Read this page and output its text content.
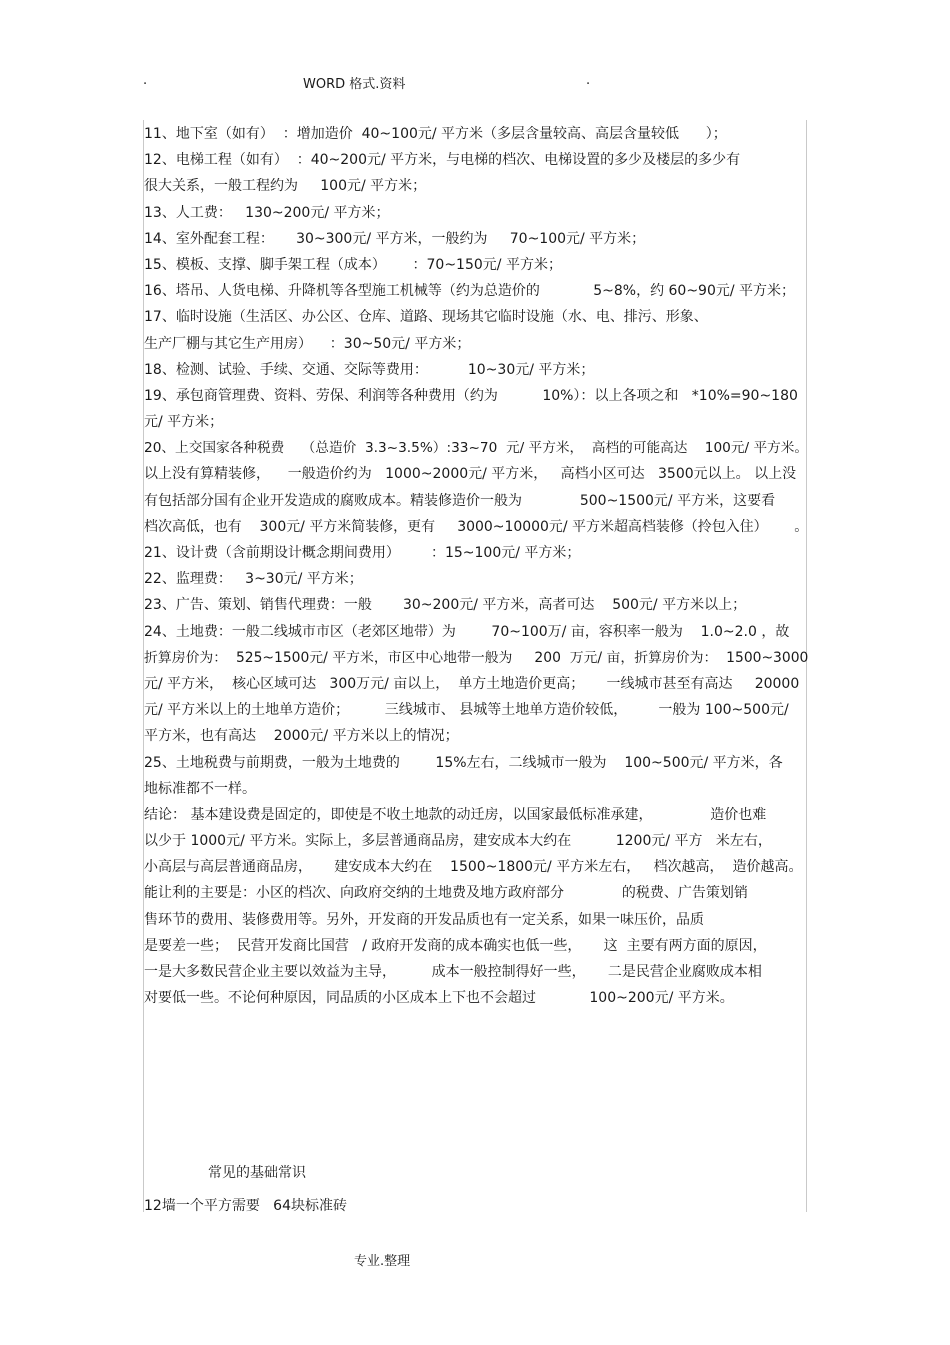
.	WORD 格式.资料	.
11、地下室（如有）  ：增加造价  40~100元/ 平方米（多层含量较高、高层含量较低      ）；
12、电梯工程（如有）  ：40~200元/ 平方米，与电梯的档次、电梯设置的多少及楼层的多少有
很大关系，一般工程约为     100元/ 平方米；
13、人工费：   130~200元/ 平方米；
14、室外配套工程：     30~300元/ 平方米，一般约为     70~100元/ 平方米；
15、模板、支撑、脚手架工程（成本）      ：70~150元/ 平方米；
16、塔吊、人货电梯、升降机等各型施工机械等（约为总造价的            5~8%，约 60~90元/ 平方米；
17、临时设施（生活区、办公区、仓库、道路、现场其它临时设施（水、电、排污、形象、
生产厂棚与其它生产用房）    ：30~50元/ 平方米；
18、检测、试验、手续、交通、交际等费用：         10~30元/ 平方米；
19、承包商管理费、资料、劳保、利润等各种费用（约为          10%）：以上各项之和   *10%=90~180
元/ 平方米；
20、上交国家各种税费    （总造价  3.3~3.5%）:33~70  元/ 平方米，  高档的可能高达    100元/ 平方米。
以上没有算精装修，    一般造价约为   1000~2000元/ 平方米，   高档小区可达   3500元以上。 以上没
有包括部分国有企业开发造成的腐败成本。精装修造价一般为             500~1500元/ 平方米，这要看
档次高低，也有    300元/ 平方米简装修，更有     3000~10000元/ 平方米超高档装修（拎包入住）      。
21、设计费（含前期设计概念期间费用）       ：15~100元/ 平方米；
22、监理费：   3~30元/ 平方米；
23、广告、策划、销售代理费：一般       30~200元/ 平方米，高者可达    500元/ 平方米以上；
24、土地费：一般二线城市市区（老郊区地带）为        70~100万/ 亩，容积率一般为    1.0~2.0 ，故
折算房价为：  525~1500元/ 平方米，市区中心地带一般为     200  万元/ 亩，折算房价为：  1500~3000
元/ 平方米，  核心区域可达   300万元/ 亩以上，  单方土地造价更高；     一线城市甚至有高达     20000
元/ 平方米以上的土地单方造价；        三线城市、 县城等土地单方造价较低，       一般为 100~500元/
平方米，也有高达    2000元/ 平方米以上的情况；
25、土地税费与前期费，一般为土地费的        15%左右，二线城市一般为    100~500元/ 平方米，各
地标准都不一样。
结论： 基本建设费是固定的，即使是不收土地款的动迁房，以国家最低标准承建，             造价也难
以少于 1000元/ 平方米。实际上，多层普通商品房，建安成本大约在          1200元/ 平方   米左右，
小高层与高层普通商品房，     建安成本大约在    1500~1800元/ 平方米左右，   档次越高，  造价越高。
能让利的主要是：小区的档次、向政府交纳的土地费及地方政府部分             的税费、广告策划销
售环节的费用、装修费用等。另外，开发商的开发品质也有一定关系，如果一味压价，品质
是要差一些；  民营开发商比国营   / 政府开发商的成本确实也低一些，     这  主要有两方面的原因，
一是大多数民营企业主要以效益为主导，        成本一般控制得好一些，     二是民营企业腐败成本相
对要低一些。不论何种原因，同品质的小区成本上下也不会超过            100~200元/ 平方米。
常见的基础常识
12墙一个平方需要   64块标准砖
专业.整理
